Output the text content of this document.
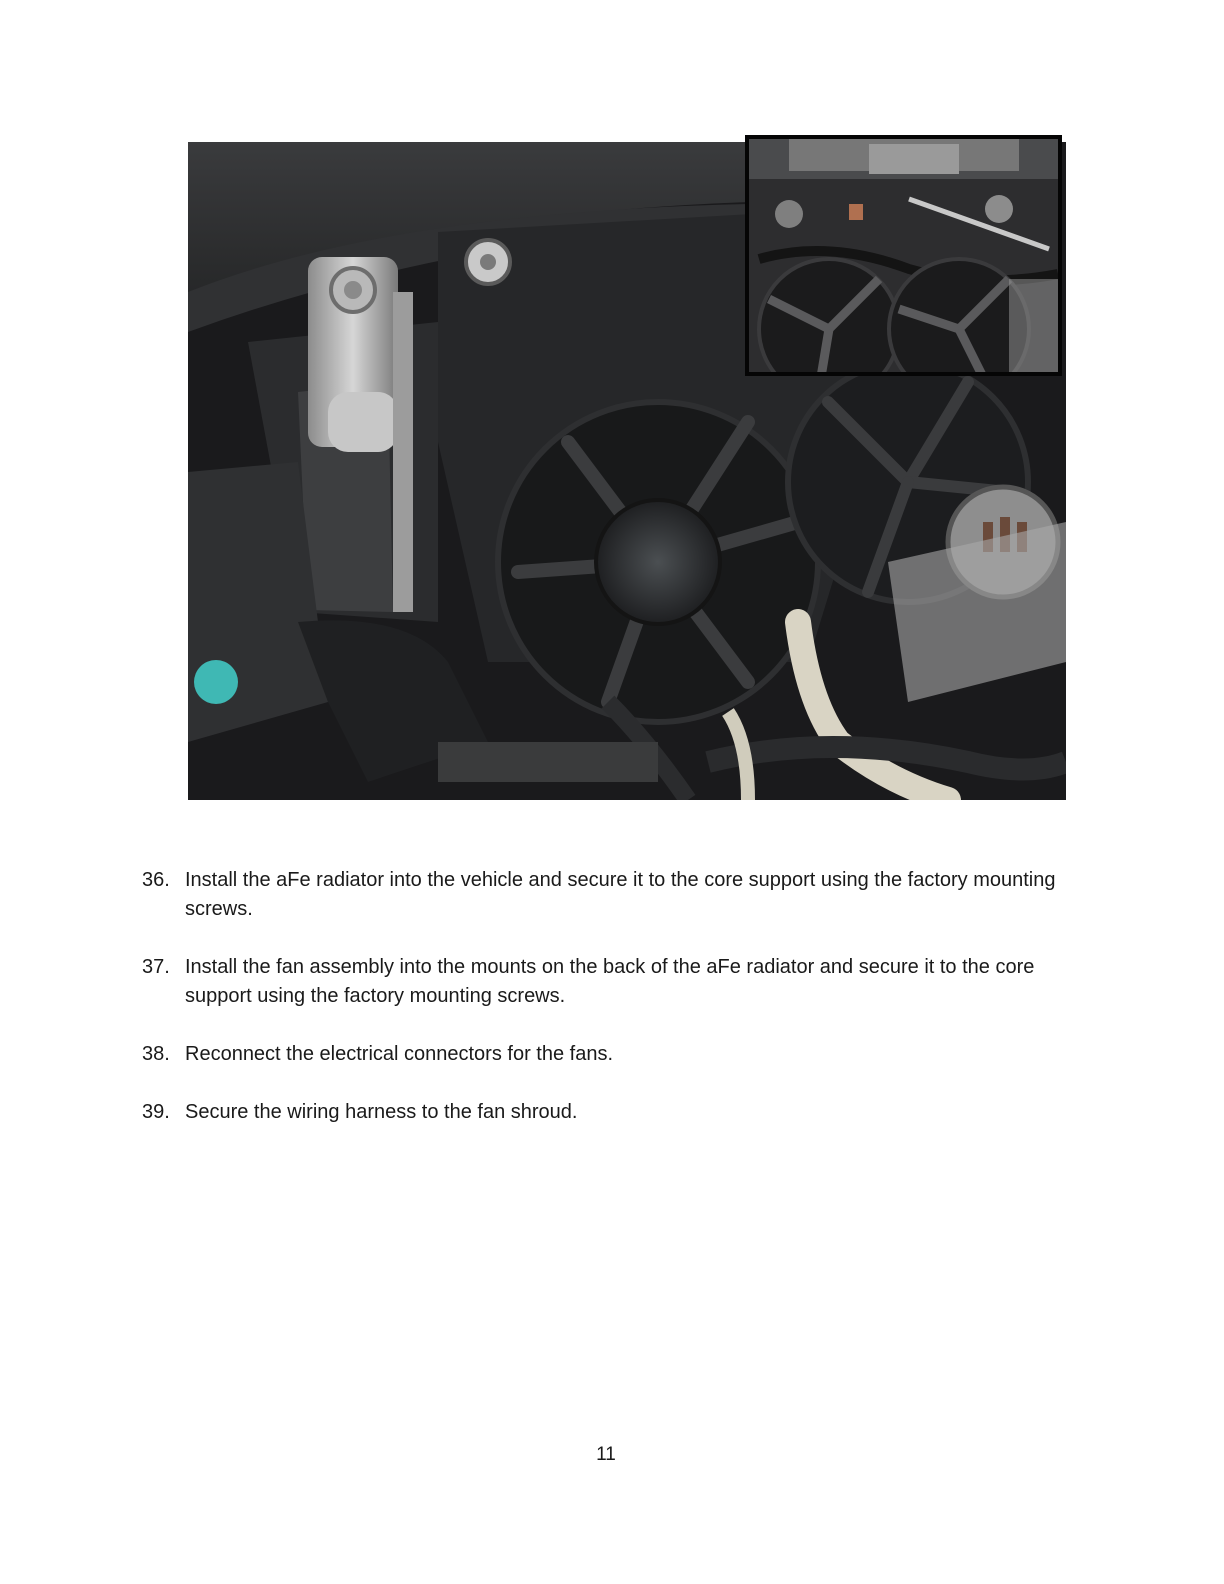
36. Install the aFe radiator into the vehicle and secure it to the core support using the factory mounting screws.
37. Install the fan assembly into the mounts on the back of the aFe radiator and secure it to the core support using the factory mounting screws.
38. Reconnect the electrical connectors for the fans.
39. Secure the wiring harness to the fan shroud.
11
